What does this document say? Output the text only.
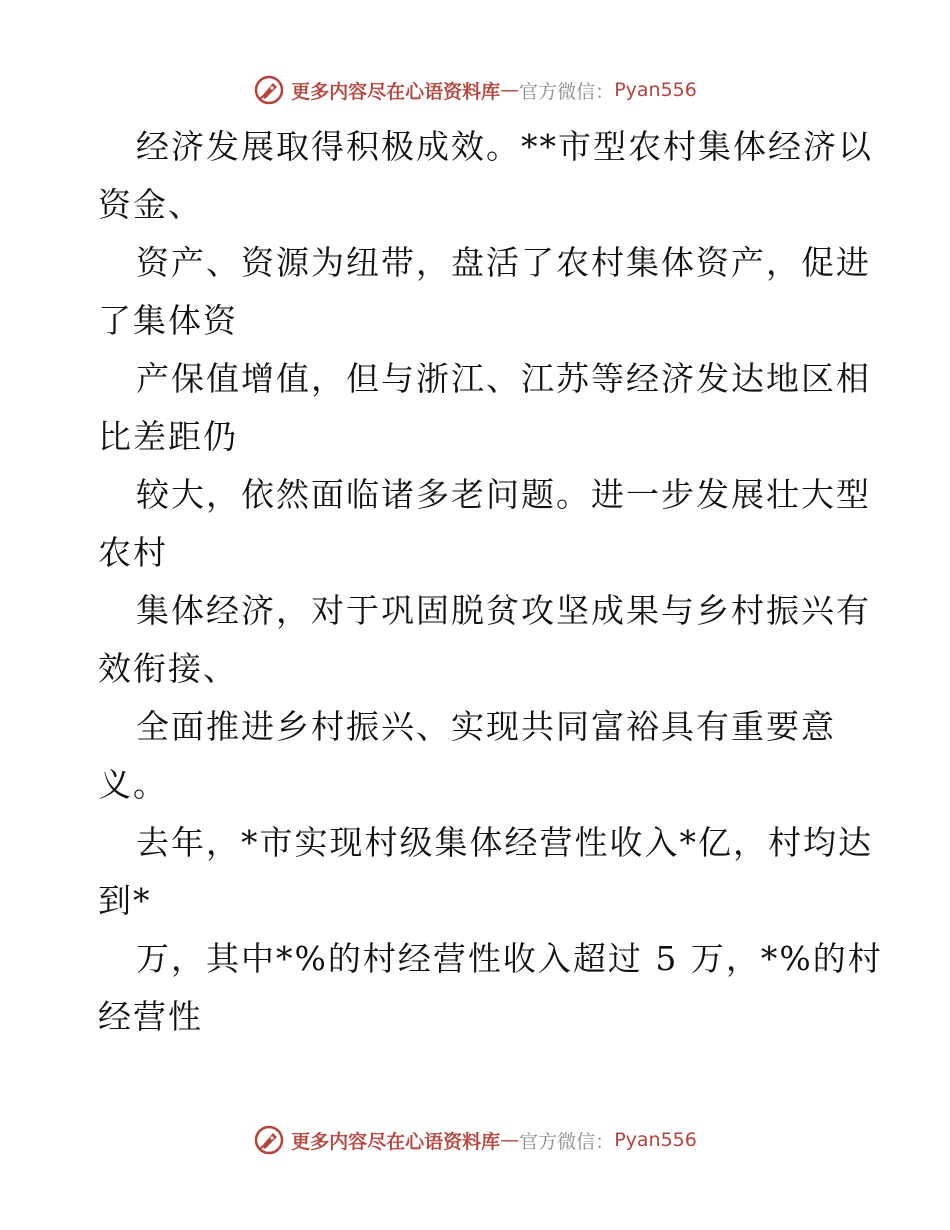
更多内容尽在心语资料库 — 官方微信： Pyan556
经济发展取得积极成效。**市型农村集体经济以
资金、
资产、资源为纽带，盘活了农村集体资产，促进
了集体资
产保值增值，但与浙江、江苏等经济发达地区相
比差距仍
较大，依然面临诸多老问题。进一步发展壮大型
农村
集体经济，对于巩固脱贫攻坚成果与乡村振兴有
效衔接、
全面推进乡村振兴、实现共同富裕具有重要意
义。
去年，*市实现村级集体经营性收入*亿，村均达
到*
万，其中*%的村经营性收入超过 5 万，*%的村
经营性
更多内容尽在心语资料库 — 官方微信： Pyan556
